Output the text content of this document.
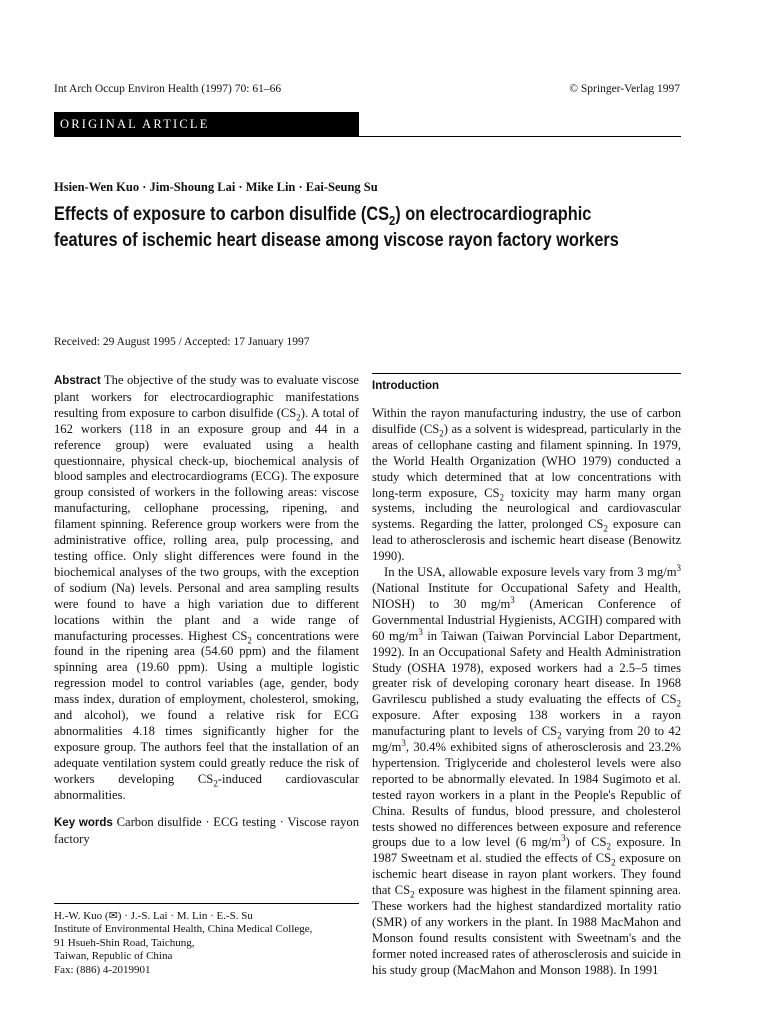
Int Arch Occup Environ Health (1997) 70: 61–66	© Springer-Verlag 1997
ORIGINAL ARTICLE
Hsien-Wen Kuo · Jim-Shoung Lai · Mike Lin · Eai-Seung Su
Effects of exposure to carbon disulfide $(CS_2)$ on electrocardiographic
features of ischemic heart disease among viscose rayon factory workers
Received: 29 August 1995 / Accepted: 17 January 1997

Abstract The objective of the study was to evaluate viscose plant workers for electrocardiographic manifestations resulting from exposure to carbon disulfide $(CS_2)$. A total of 162 workers (118 in an exposure group and 44 in a reference group) were evaluated using a health questionnaire, physical check-up, biochemical analysis of blood samples and electrocardiograms (ECG). The exposure group consisted of workers in the following areas: viscose manufacturing, cellophane processing, ripening, and filament spinning. Reference group workers were from the administrative office, rolling area, pulp processing, and testing office. Only slight differences were found in the biochemical analyses of the two groups, with the exception of sodium (Na) levels. Personal and area sampling results were found to have a high variation due to different locations within the plant and a wide range of manufacturing processes. Highest $CS_2$ concentrations were found in the ripening area (54.60 ppm) and the filament spinning area (19.60 ppm). Using a multiple logistic regression model to control variables (age, gender, body mass index, duration of employment, cholesterol, smoking, and alcohol), we found a relative risk for ECG abnormalities 4.18 times significantly higher for the exposure group. The authors feel that the installation of an adequate ventilation system could greatly reduce the risk of workers developing $CS_2$-induced cardiovascular abnormalities.

Key words Carbon disulfide · ECG testing · Viscose rayon factory

H.-W. Kuo (✉) · J.-S. Lai · M. Lin · E.-S. Su
Institute of Environmental Health, China Medical College,
91 Hsueh-Shin Road, Taichung,
Taiwan, Republic of China
Fax: (886) 4-2019901
Introduction

Within the rayon manufacturing industry, the use of carbon disulfide $(CS_2)$ as a solvent is widespread, particularly in the areas of cellophane casting and filament spinning. In 1979, the World Health Organization (WHO 1979) conducted a study which determined that at low concentrations with long-term exposure, $CS_2$ toxicity may harm many organ systems, including the neurological and cardiovascular systems. Regarding the latter, prolonged $CS_2$ exposure can lead to atherosclerosis and ischemic heart disease (Benowitz 1990).

In the USA, allowable exposure levels vary from 3 $mg/m^3$ (National Institute for Occupational Safety and Health, NIOSH) to 30 $mg/m^3$ (American Conference of Governmental Industrial Hygienists, ACGIH) compared with 60 $mg/m^3$ in Taiwan (Taiwan Porvincial Labor Department, 1992). In an Occupational Safety and Health Administration Study (OSHA 1978), exposed workers had a 2.5–5 times greater risk of developing coronary heart disease. In 1968 Gavrilescu published a study evaluating the effects of $CS_2$ exposure. After exposing 138 workers in a rayon manufacturing plant to levels of $CS_2$ varying from 20 to 42 $mg/m^3$, 30.4% exhibited signs of atherosclerosis and 23.2% hypertension. Triglyceride and cholesterol levels were also reported to be abnormally elevated. In 1984 Sugimoto et al. tested rayon workers in a plant in the People's Republic of China. Results of fundus, blood pressure, and cholesterol tests showed no differences between exposure and reference groups due to a low level (6 $mg/m^3$) of $CS_2$ exposure. In 1987 Sweetnam et al. studied the effects of $CS_2$ exposure on ischemic heart disease in rayon plant workers. They found that $CS_2$ exposure was highest in the filament spinning area. These workers had the highest standardized mortality ratio (SMR) of any workers in the plant. In 1988 MacMahon and Monson found results consistent with Sweetnam's and the former noted increased rates of atherosclerosis and suicide in his study group (MacMahon and Monson 1988). In 1991
